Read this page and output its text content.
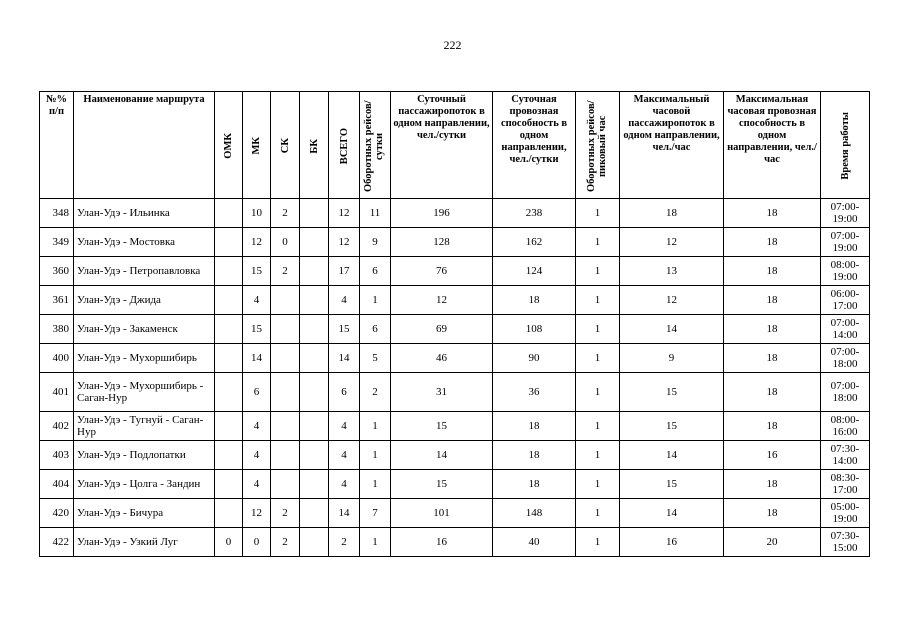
222
№% п/п	Наименование маршрута	ОМК	МК	СК	БК	ВСЕГО	Оборотных рейсов/сутки	Суточный пассажиропоток в одном направлении, чел./сутки	Суточная провозная способность в одном направлении, чел./сутки	Оборотных рейсов/ пиковый час	Максимальный часовой пассажиропоток в одном направлении, чел./час	Максимальная часовая провозная способность в одном направлении, чел./час	Время работы

348	Улан-Удэ - Ильинка		10	2		12	11	196	238	1	18	18	07:00-
19:00

349	Улан-Удэ - Мостовка		12	0		12	9	128	162	1	12	18	07:00-
19:00

360	Улан-Удэ - Петропавловка		15	2		17	6	76	124	1	13	18	08:00-
19:00

361	Улан-Удэ - Джида		4			4	1	12	18	1	12	18	06:00-
17:00

380	Улан-Удэ - Закаменск		15			15	6	69	108	1	14	18	07:00-
14:00

400	Улан-Удэ - Мухоршибирь		14			14	5	46	90	1	9	18	07:00-
18:00

401	Улан-Удэ - Мухоршибирь - Саган-Нур		6			6	2	31	36	1	15	18	07:00-
18:00

402	Улан-Удэ - Тугнуй - Саган-Нур		4			4	1	15	18	1	15	18	08:00-
16:00

403	Улан-Удэ - Подлопатки		4			4	1	14	18	1	14	16	07:30-
14:00

404	Улан-Удэ - Цолга - Зандин		4			4	1	15	18	1	15	18	08:30-
17:00

420	Улан-Удэ - Бичура		12	2		14	7	101	148	1	14	18	05:00-
19:00

422	Улан-Удэ - Узкий Луг	0	0	2		2	1	16	40	1	16	20	07:30-
15:00
